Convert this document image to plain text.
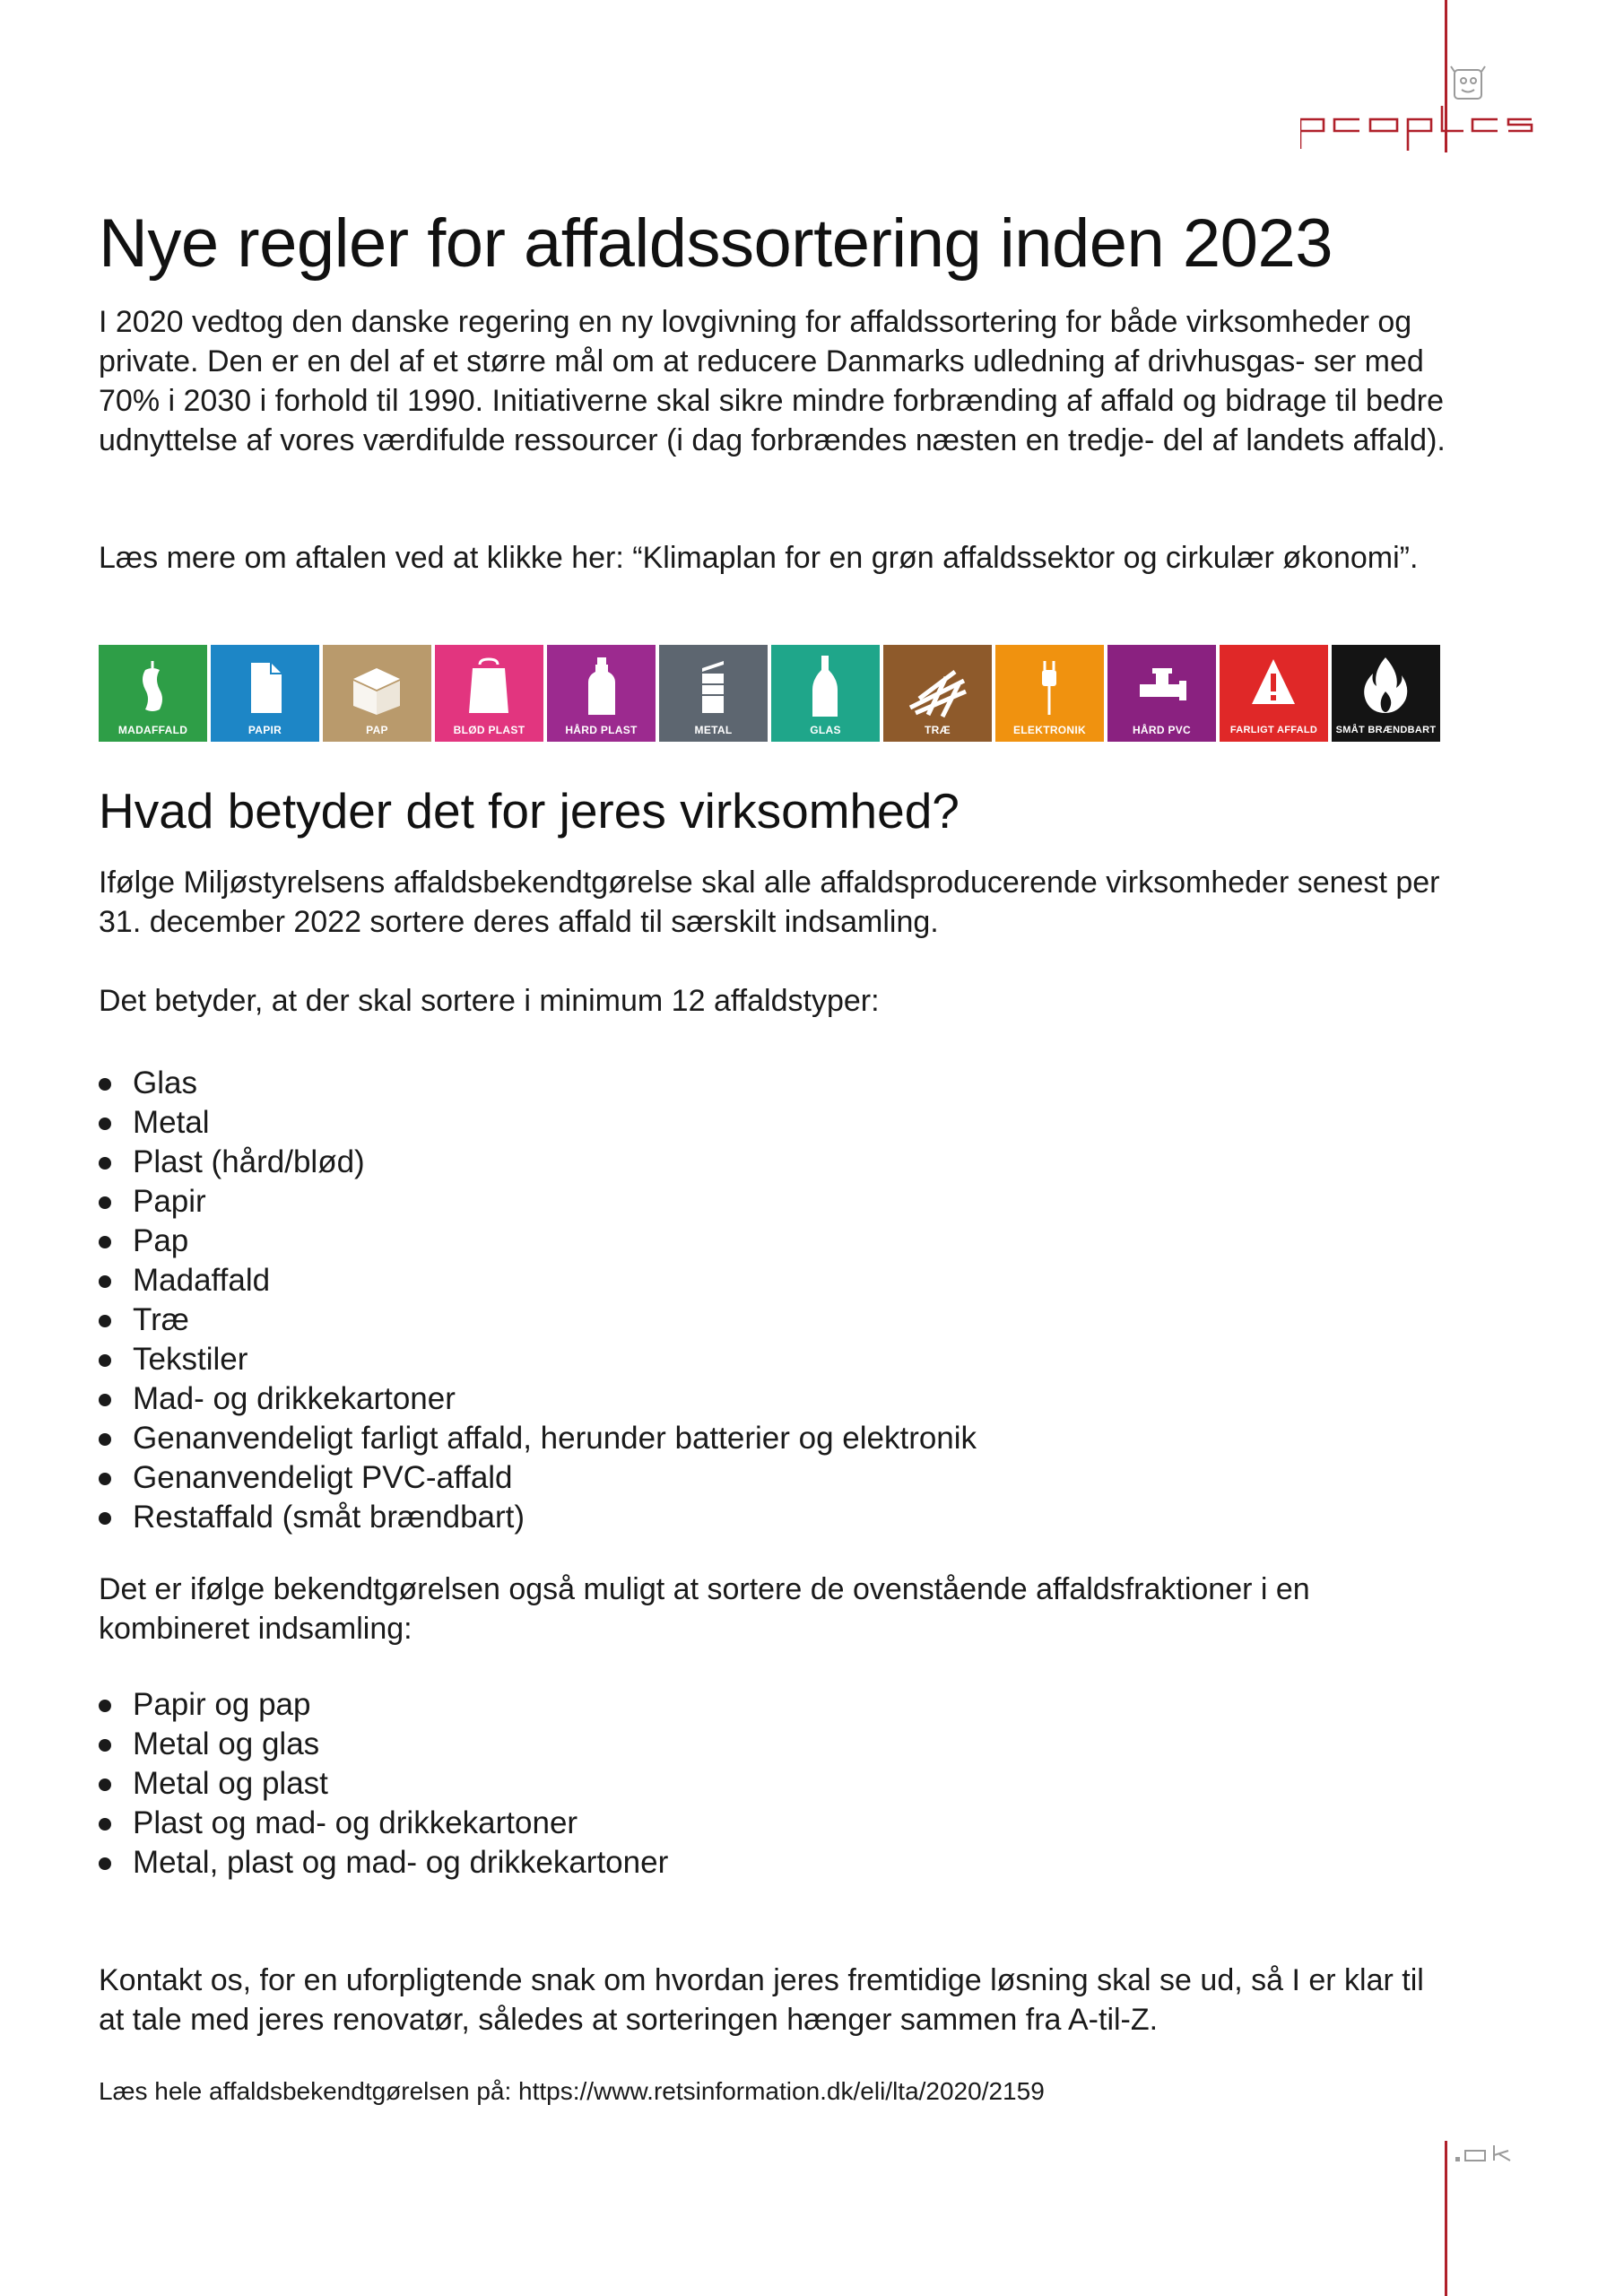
Nye regler for affaldssortering inden 2023

I 2020 vedtog den danske regering en ny lovgivning for affaldssortering for både virksomheder og private. Den er en del af et større mål om at reducere Danmarks udledning af drivhusgas- ser med 70% i 2030 i forhold til 1990. Initiativerne skal sikre mindre forbrænding af affald og bidrage til bedre udnyttelse af vores værdifulde ressourcer (i dag forbrændes næsten en tredje- del af landets affald).

Læs mere om aftalen ved at klikke her: “Klimaplan for en grøn affaldssektor og cirkulær økonomi”.

Hvad betyder det for jeres virksomhed?

Ifølge Miljøstyrelsens affaldsbekendtgørelse skal alle affaldsproducerende virksomheder senest per 31. december 2022 sortere deres affald til særskilt indsamling.

Det betyder, at der skal sortere i minimum 12 affaldstyper:

Det er ifølge bekendtgørelsen også muligt at sortere de ovenstående affaldsfraktioner i en kombineret indsamling:

Kontakt os, for en uforpligtende snak om hvordan jeres fremtidige løsning skal se ud, så I er klar til at tale med jeres renovatør, således at sorteringen hænger sammen fra A-til-Z.

Læs hele affaldsbekendtgørelsen på: https://www.retsinformation.dk/eli/lta/2020/2159
Glas
Metal
Plast (hård/blød)
Papir
Pap
Madaffald
Træ
Tekstiler
Mad- og drikkekartoner
Genanvendeligt farligt affald, herunder batterier og elektronik
Genanvendeligt PVC-affald
Restaffald (småt brændbart)
Papir og pap
Metal og glas
Metal og plast
Plast og mad- og drikkekartoner
Metal, plast og mad- og drikkekartoner
MADAFFALD	PAPIR	PAP	BLØD PLAST	HÅRD PLAST	METAL	GLAS	TRÆ	ELEKTRONIK	HÅRD PVC	FARLIGT AFFALD	SMÅT BRÆNDBART
